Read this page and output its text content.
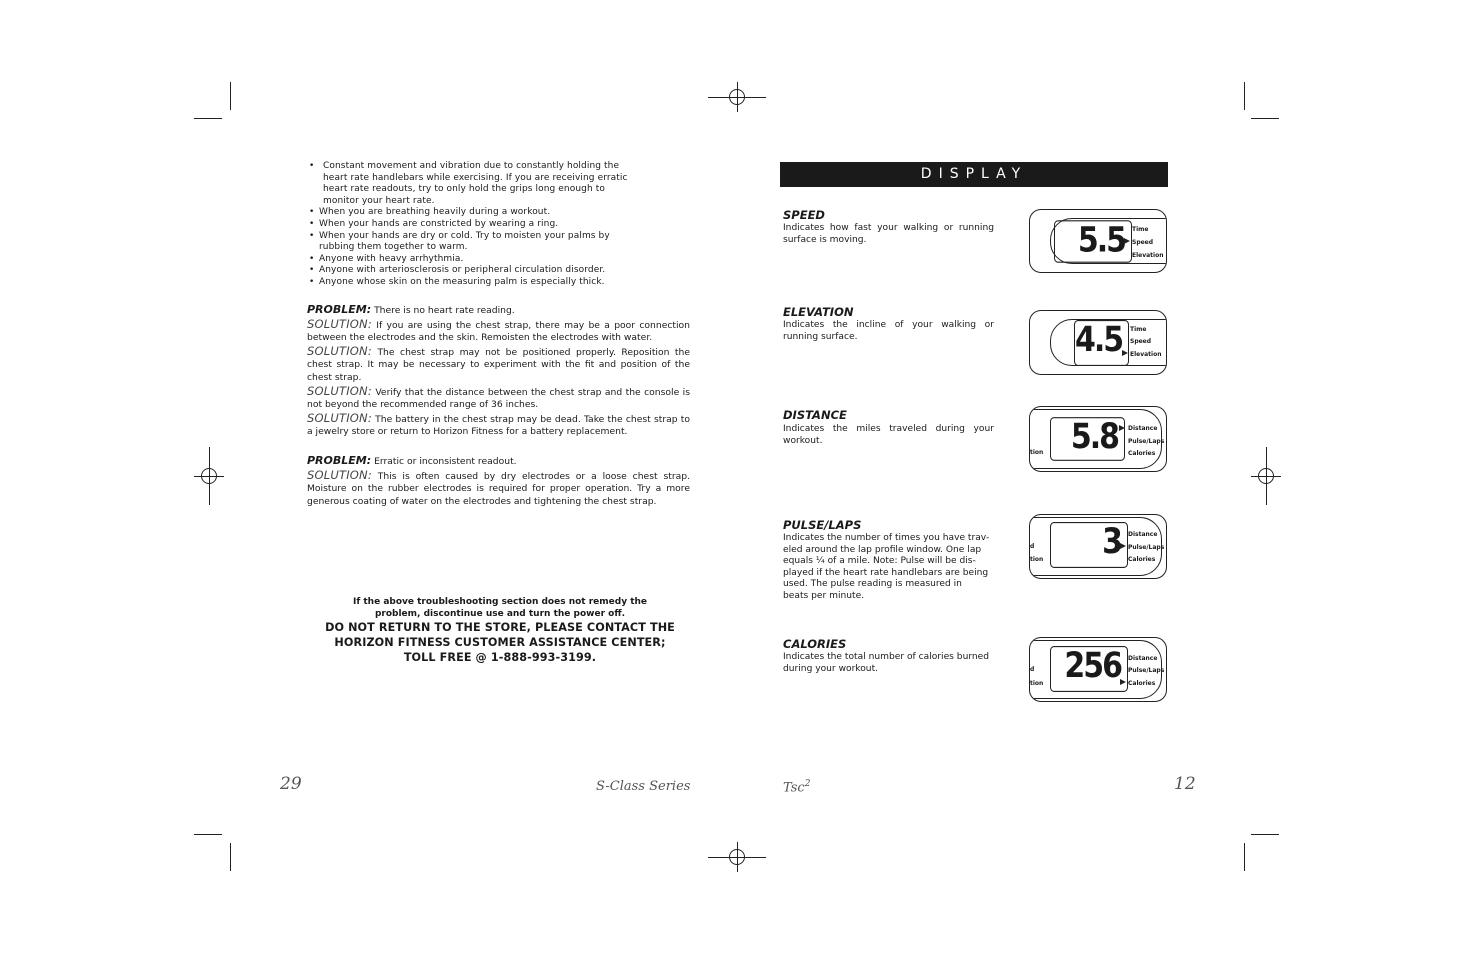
• Constant movement and vibration due to constantly holding the heart rate handlebars while exercising. If you are receiving erratic heart rate readouts, try to only hold the grips long enough to monitor your heart rate.
• When you are breathing heavily during a workout.
• When your hands are constricted by wearing a ring.
• When your hands are dry or cold. Try to moisten your palms by rubbing them together to warm.
• Anyone with heavy arrhythmia.
• Anyone with arteriosclerosis or peripheral circulation disorder.
• Anyone whose skin on the measuring palm is especially thick.

PROBLEM: There is no heart rate reading.

SOLUTION: If you are using the chest strap, there may be a poor connection between the electrodes and the skin. Remoisten the electrodes with water.

SOLUTION: The chest strap may not be positioned properly. Reposition the chest strap. It may be necessary to experiment with the fit and position of the chest strap.

SOLUTION: Verify that the distance between the chest strap and the console is not beyond the recommended range of 36 inches.

SOLUTION: The battery in the chest strap may be dead. Take the chest strap to a jewelry store or return to Horizon Fitness for a battery replacement.

PROBLEM: Erratic or inconsistent readout.

SOLUTION: This is often caused by dry electrodes or a loose chest strap. Moisture on the rubber electrodes is required for proper operation. Try a more generous coating of water on the electrodes and tightening the chest strap.

If the above troubleshooting section does not remedy the
problem, discontinue use and turn the power off.
DO NOT RETURN TO THE STORE, PLEASE CONTACT THE
HORIZON FITNESS CUSTOMER ASSISTANCE CENTER;
TOLL FREE @ 1-888-993-3199.
29	S-Class Series
DISPLAY
SPEED
Indicates how fast your walking or running surface is moving.	5.5	Time
Speed
Elevation
ELEVATION
Indicates the incline of your walking or running surface.	4.5	Time
Speed
Elevation
DISTANCE
Indicates the miles traveled during your workout.
tion 5.8	Distance
Pulse/Laps
Calories
PULSE/LAPS
Indicates the number of times you have trav-
eled around the lap profile window. One lap
equals ¼ of a mile. Note: Pulse will be dis-
played if the heart rate handlebars are being
used. The pulse reading is measured in
beats per minute.
d
tion	3	Distance
Pulse/Laps
Calories
CALORIES
Indicates the total number of calories burned during your workout.	d
tion 256	Distance
Pulse/Laps
Calories
Tsc$^2$	12
